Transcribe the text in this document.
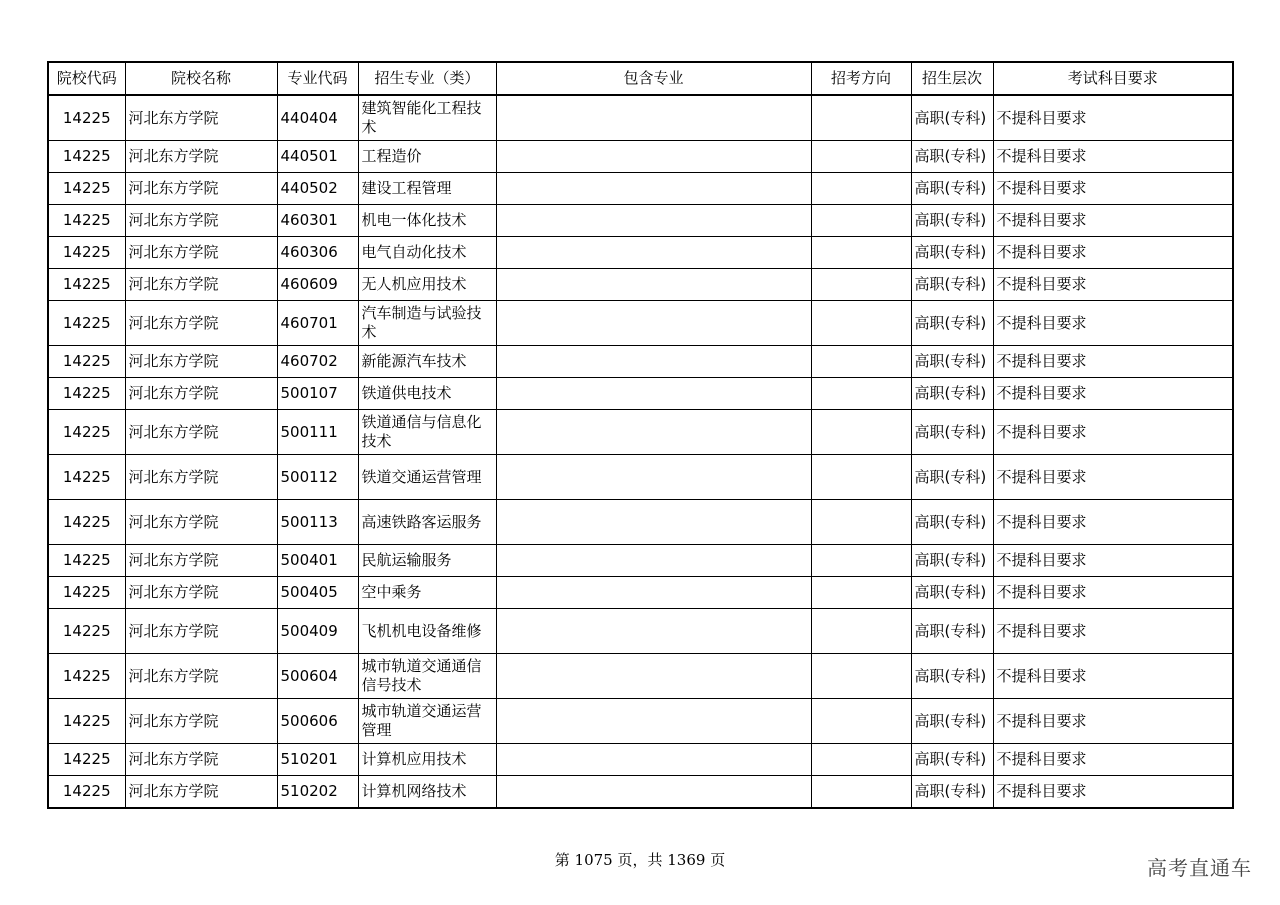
院校代码	院校名称	专业代码	招生专业（类）	包含专业	招考方向	招生层次	考试科目要求
14225	河北东方学院	440404	建筑智能化工程技术			高职(专科)	不提科目要求
14225	河北东方学院	440501	工程造价			高职(专科)	不提科目要求
14225	河北东方学院	440502	建设工程管理			高职(专科)	不提科目要求
14225	河北东方学院	460301	机电一体化技术			高职(专科)	不提科目要求
14225	河北东方学院	460306	电气自动化技术			高职(专科)	不提科目要求
14225	河北东方学院	460609	无人机应用技术			高职(专科)	不提科目要求
14225	河北东方学院	460701	汽车制造与试验技术			高职(专科)	不提科目要求
14225	河北东方学院	460702	新能源汽车技术			高职(专科)	不提科目要求
14225	河北东方学院	500107	铁道供电技术			高职(专科)	不提科目要求
14225	河北东方学院	500111	铁道通信与信息化技术			高职(专科)	不提科目要求
14225	河北东方学院	500112	铁道交通运营管理			高职(专科)	不提科目要求
14225	河北东方学院	500113	高速铁路客运服务			高职(专科)	不提科目要求
14225	河北东方学院	500401	民航运输服务			高职(专科)	不提科目要求
14225	河北东方学院	500405	空中乘务			高职(专科)	不提科目要求
14225	河北东方学院	500409	飞机机电设备维修			高职(专科)	不提科目要求
14225	河北东方学院	500604	城市轨道交通通信信号技术			高职(专科)	不提科目要求
14225	河北东方学院	500606	城市轨道交通运营管理			高职(专科)	不提科目要求
14225	河北东方学院	510201	计算机应用技术			高职(专科)	不提科目要求
14225	河北东方学院	510202	计算机网络技术			高职(专科)	不提科目要求
第 1075 页，共 1369 页	高考直通车
